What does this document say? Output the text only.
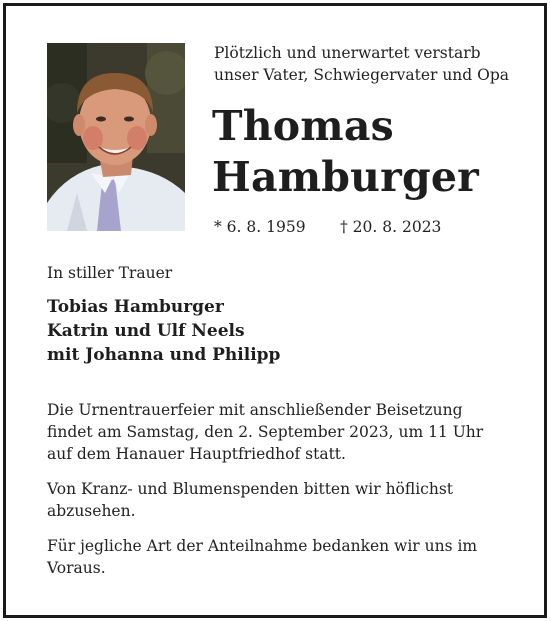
Plötzlich und unerwartet verstarb
unser Vater, Schwiegervater und Opa
Thomas
Hamburger
* 6. 8. 1959 † 20. 8. 2023
In stiller Trauer
Tobias Hamburger
Katrin und Ulf Neels
mit Johanna und Philipp
Die Urnentrauerfeier mit anschließender Beisetzung
findet am Samstag, den 2. September 2023, um 11 Uhr
auf dem Hanauer Hauptfriedhof statt.
Von Kranz- und Blumenspenden bitten wir höflichst
abzusehen.
Für jegliche Art der Anteilnahme bedanken wir uns im
Voraus.
